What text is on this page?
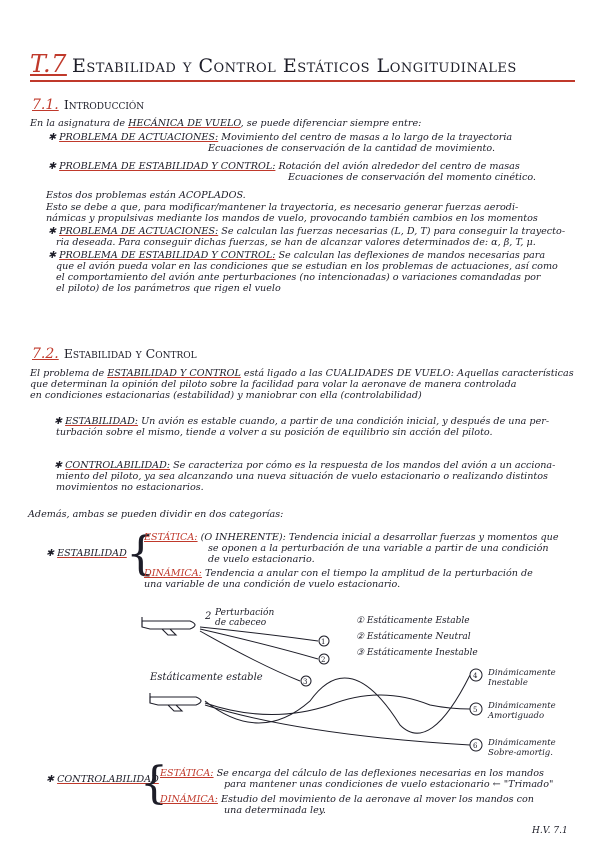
T.7 Estabilidad y Control Estáticos Longitudinales
7.1. Introducción
En la asignatura de HECÁNICA DE VUELO, se puede diferenciar siempre entre:
✱ PROBLEMA DE ACTUACIONES: Movimiento del centro de masas a lo largo de la trayectoria
Ecuaciones de conservación de la cantidad de movimiento.
✱ PROBLEMA DE ESTABILIDAD Y CONTROL: Rotación del avión alrededor del centro de masas
Ecuaciones de conservación del momento cinético.
Estos dos problemas están ACOPLADOS.
Esto se debe a que, para modificar/mantener la trayectoria, es necesario generar fuerzas aerodi-
námicas y propulsivas mediante los mandos de vuelo, provocando también cambios en los momentos
✱ PROBLEMA DE ACTUACIONES: Se calculan las fuerzas necesarias (L, D, T) para conseguir la trayecto-
ria deseada. Para conseguir dichas fuerzas, se han de alcanzar valores determinados de: α, β, T, μ.
✱ PROBLEMA DE ESTABILIDAD Y CONTROL: Se calculan las deflexiones de mandos necesarias para
que el avión pueda volar en las condiciones que se estudian en los problemas de actuaciones, así como
el comportamiento del avión ante perturbaciones (no intencionadas) o variaciones comandadas por
el piloto) de los parámetros que rigen el vuelo
7.2. Estabilidad y Control
El problema de ESTABILIDAD Y CONTROL está ligado a las CUALIDADES DE VUELO: Aquellas características
que determinan la opinión del piloto sobre la facilidad para volar la aeronave de manera controlada
en condiciones estacionarias (estabilidad) y maniobrar con ella (controlabilidad)
✱ ESTABILIDAD: Un avión es estable cuando, a partir de una condición inicial, y después de una per-
turbación sobre el mismo, tiende a volver a su posición de equilibrio sin acción del piloto.
✱ CONTROLABILIDAD: Se caracteriza por cómo es la respuesta de los mandos del avión a un acciona-
miento del piloto, ya sea alcanzando una nueva situación de vuelo estacionario o realizando distintos
movimientos no estacionarios.
Además, ambas se pueden dividir en dos categorías:
✱ ESTABILIDAD {
ESTÁTICA: (O INHERENTE): Tendencia inicial a desarrollar fuerzas y momentos que
se oponen a la perturbación de una variable a partir de una condición
de vuelo estacionario.
DINÁMICA: Tendencia a anular con el tiempo la amplitud de la perturbación de
una variable de una condición de vuelo estacionario.
2 Perturbación
de cabeceo
1
2
3
① Estáticamente Estable
② Estáticamente Neutral
③ Estáticamente Inestable
Estáticamente estable	4
5
6
Dinámicamente
Inestable
Dinámicamente
Amortiguado
Dinámicamente
Sobre-amortig.
✱ CONTROLABILIDAD
{
ESTÁTICA: Se encarga del cálculo de las deflexiones necesarias en los mandos
para mantener unas condiciones de vuelo estacionario ← "Trimado"
DINÁMICA: Estudio del movimiento de la aeronave al mover los mandos con
una determinada ley.
H.V. 7.1
